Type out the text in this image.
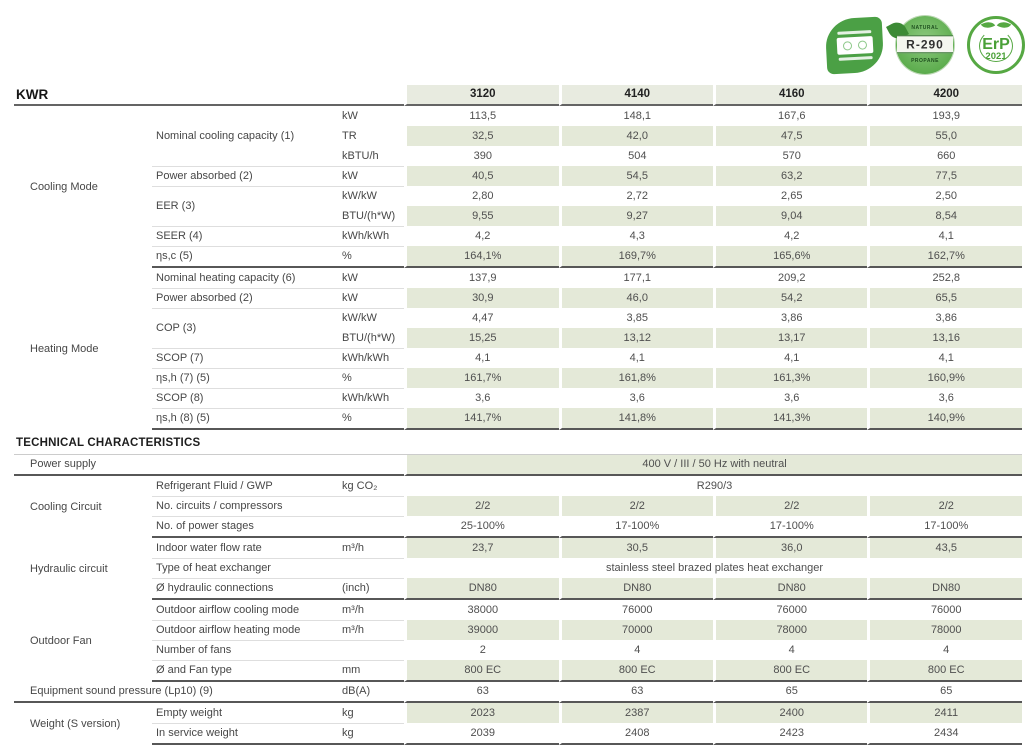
NATURAL
R-290
PROPANE
ErP
2021
KWR			3120	4140	4160	4200
Cooling Mode	Nominal cooling capacity (1)	kW	113,5	148,1	167,6	193,9
		TR	32,5	42,0	47,5	55,0
		kBTU/h	390	504	570	660
	Power absorbed (2)	kW	40,5	54,5	63,2	77,5
	EER (3)	kW/kW	2,80	2,72	2,65	2,50
		BTU/(h*W)	9,55	9,27	9,04	8,54
	SEER (4)	kWh/kWh	4,2	4,3	4,2	4,1
	ηs,c (5)	%	164,1%	169,7%	165,6%	162,7%
Heating Mode	Nominal heating capacity (6)	kW	137,9	177,1	209,2	252,8
	Power absorbed (2)	kW	30,9	46,0	54,2	65,5
	COP (3)	kW/kW	4,47	3,85	3,86	3,86
		BTU/(h*W)	15,25	13,12	13,17	13,16
	SCOP (7)	kWh/kWh	4,1	4,1	4,1	4,1
	ηs,h (7) (5)	%	161,7%	161,8%	161,3%	160,9%
	SCOP (8)	kWh/kWh	3,6	3,6	3,6	3,6
	ηs,h (8) (5)	%	141,7%	141,8%	141,3%	140,9%
TECHNICAL CHARACTERISTICS						
Power supply			400 V / III / 50 Hz with neutral			
Cooling Circuit	Refrigerant Fluid / GWP	kg CO₂	R290/3			
	No. circuits / compressors		2/2	2/2	2/2	2/2
	No. of power stages		25-100%	17-100%	17-100%	17-100%
Hydraulic circuit	Indoor water flow rate	m³/h	23,7	30,5	36,0	43,5
	Type of heat exchanger		stainless steel brazed plates heat exchanger			
	Ø hydraulic connections	(inch)	DN80	DN80	DN80	DN80
Outdoor Fan	Outdoor airflow cooling mode	m³/h	38000	76000	76000	76000
	Outdoor airflow heating mode	m³/h	39000	70000	78000	78000
	Number of fans		2	4	4	4
	Ø and Fan type	mm	800 EC	800 EC	800 EC	800 EC
Equipment sound pressure (Lp10) (9)		dB(A)	63	63	65	65
Weight (S version)	Empty weight	kg	2023	2387	2400	2411
	In service weight	kg	2039	2408	2423	2434
